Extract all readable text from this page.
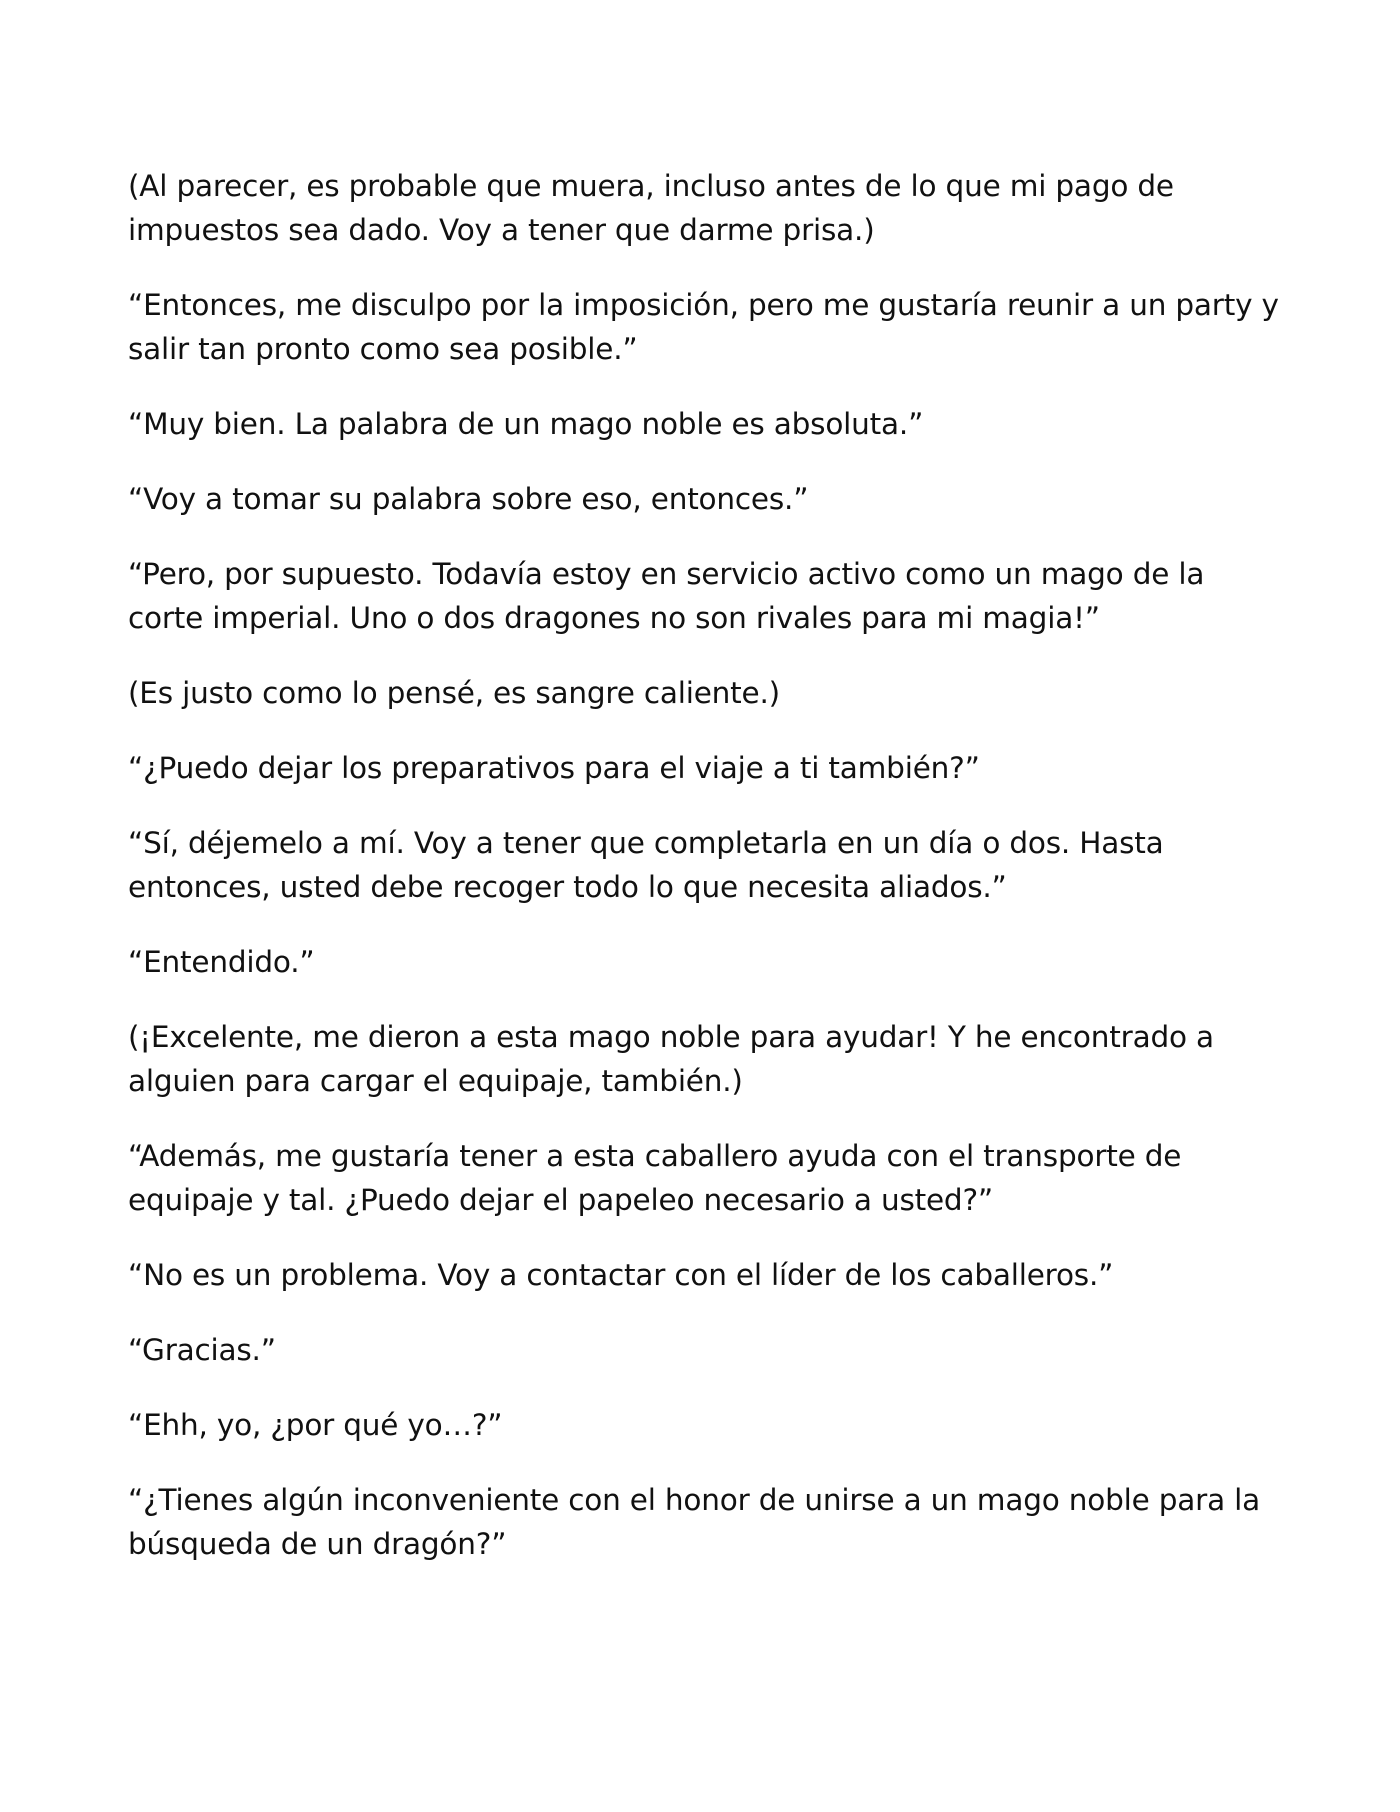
(Al parecer, es probable que muera, incluso antes de lo que mi pago de impuestos sea dado. Voy a tener que darme prisa.)

“Entonces, me disculpo por la imposición, pero me gustaría reunir a un party y salir tan pronto como sea posible.”

“Muy bien. La palabra de un mago noble es absoluta.”

“Voy a tomar su palabra sobre eso, entonces.”

“Pero, por supuesto. Todavía estoy en servicio activo como un mago de la corte imperial. Uno o dos dragones no son rivales para mi magia!”

(Es justo como lo pensé, es sangre caliente.)

“¿Puedo dejar los preparativos para el viaje a ti también?”

“Sí, déjemelo a mí. Voy a tener que completarla en un día o dos. Hasta entonces, usted debe recoger todo lo que necesita aliados.”

“Entendido.”

(¡Excelente, me dieron a esta mago noble para ayudar! Y he encontrado a alguien para cargar el equipaje, también.)

“Además, me gustaría tener a esta caballero ayuda con el transporte de equipaje y tal. ¿Puedo dejar el papeleo necesario a usted?”

“No es un problema. Voy a contactar con el líder de los caballeros.”

“Gracias.”

“Ehh, yo, ¿por qué yo…?”

“¿Tienes algún inconveniente con el honor de unirse a un mago noble para la búsqueda de un dragón?”
